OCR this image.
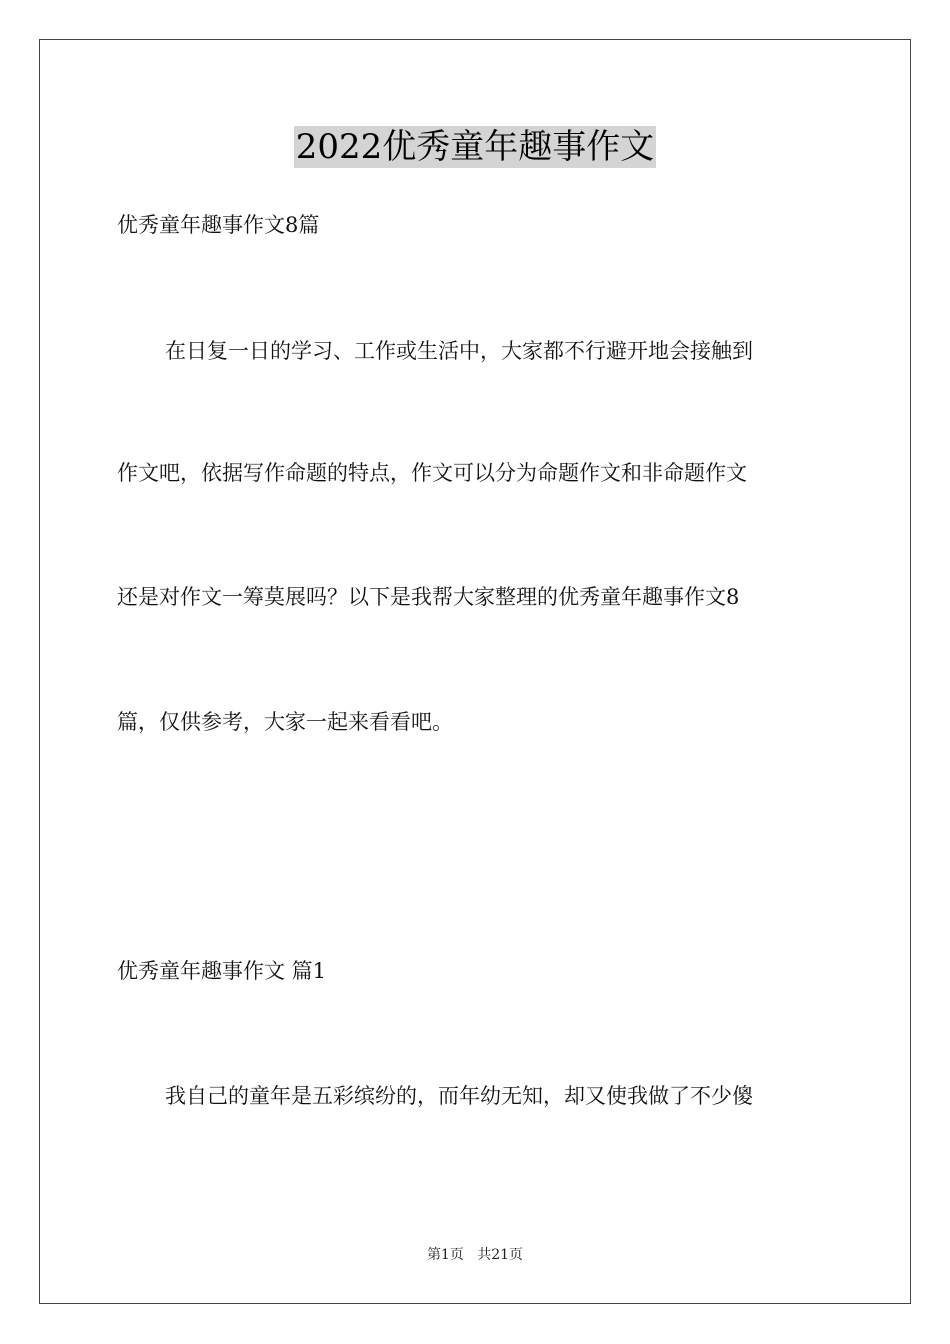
2022优秀童年趣事作文
优秀童年趣事作文8篇
在日复一日的学习、工作或生活中，大家都不行避开地会接触到
作文吧，依据写作命题的特点，作文可以分为命题作文和非命题作文
还是对作文一筹莫展吗？以下是我帮大家整理的优秀童年趣事作文8
篇，仅供参考，大家一起来看看吧。
优秀童年趣事作文 篇1
我自己的童年是五彩缤纷的，而年幼无知，却又使我做了不少傻
第1页 共21页
